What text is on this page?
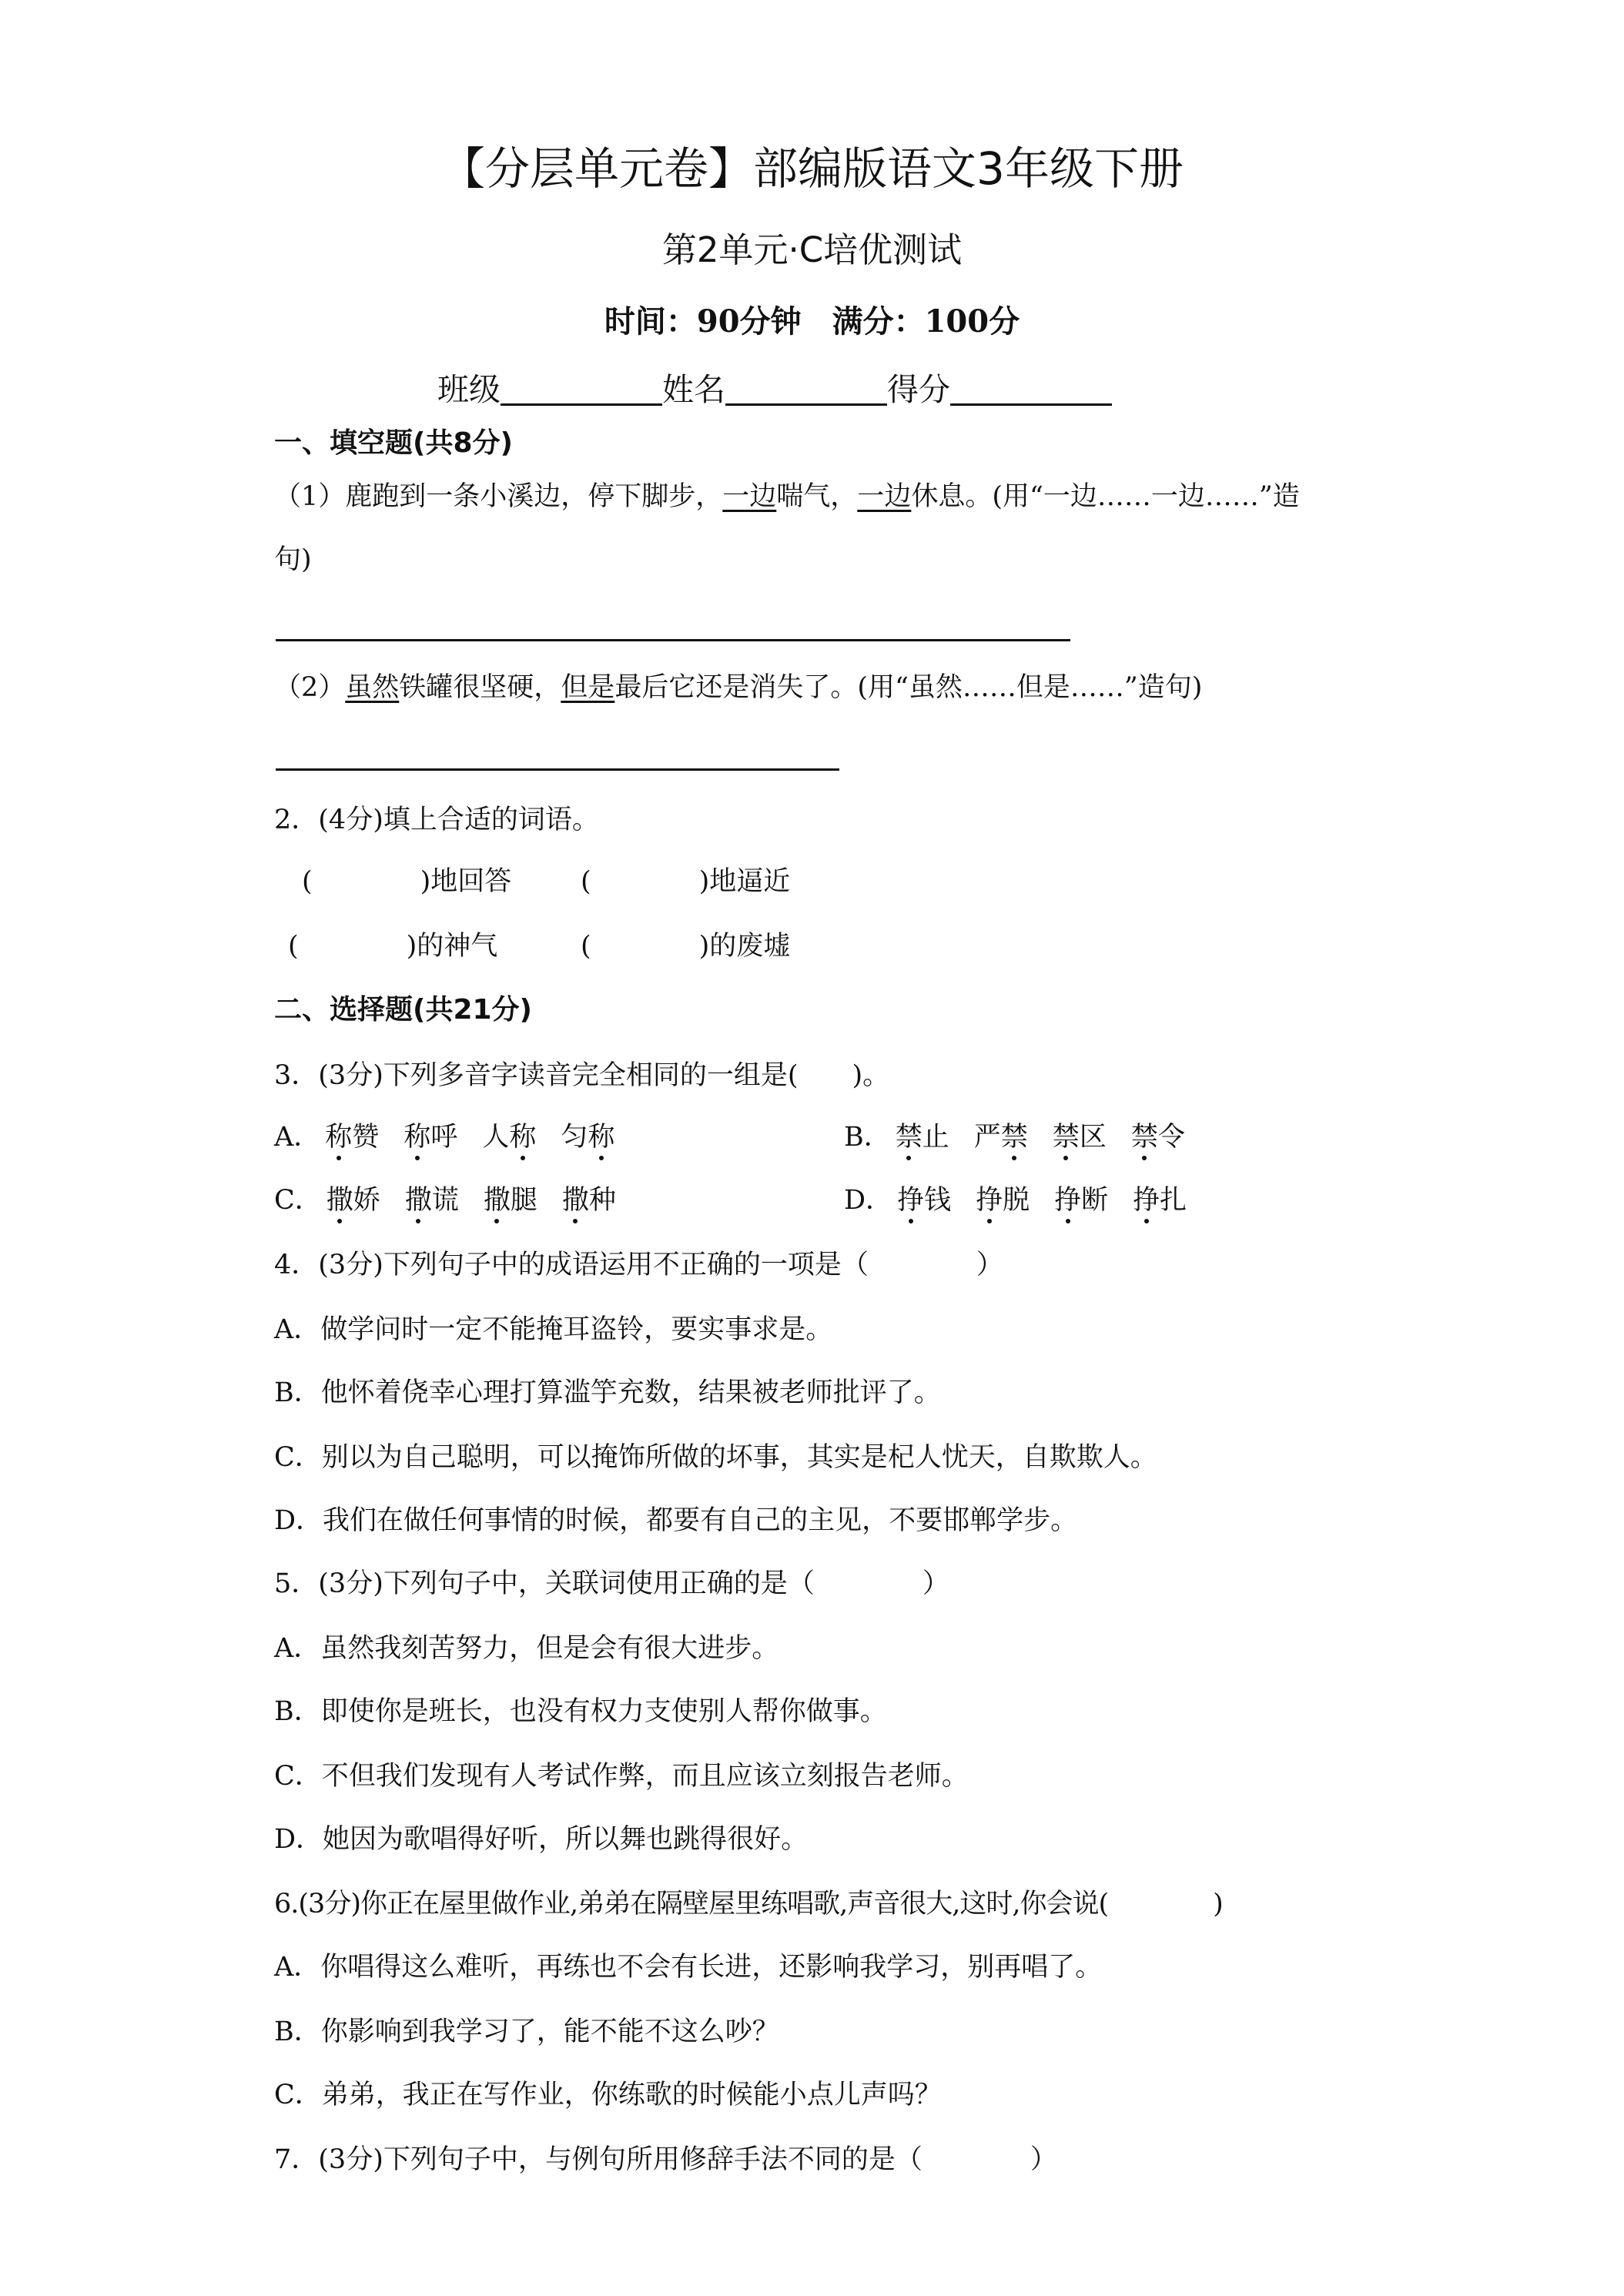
【分层单元卷】部编版语文3年级下册
第2单元·C培优测试
时间：90分钟　满分：100分
班级	姓名	得分
一、填空题(共8分)
（1）鹿跑到一条小溪边，停下脚步，一边喘气，一边休息。(用“一边……一边……”造
句)
（2）虽然铁罐很坚硬，但是最后它还是消失了。(用“虽然……但是……”造句)
2．(4分)填上合适的词语。
(　　　　)地回答	(　　　　)地逼近
(　　　　)的神气	(　　　　)的废墟
二、选择题(共21分)
3．(3分)下列多音字读音完全相同的一组是(　　)。
A． 称赞 称呼 人称 匀称	B． 禁止 严禁 禁区 禁令
C． 撒娇 撒谎 撒腿 撒种	D． 挣钱 挣脱 挣断 挣扎
4．(3分)下列句子中的成语运用不正确的一项是（　　　　）
A．做学问时一定不能掩耳盗铃，要实事求是。
B．他怀着侥幸心理打算滥竽充数，结果被老师批评了。
C．别以为自己聪明，可以掩饰所做的坏事，其实是杞人忧天，自欺欺人。
D．我们在做任何事情的时候，都要有自己的主见，不要邯郸学步。
5．(3分)下列句子中，关联词使用正确的是（　　　　）
A．虽然我刻苦努力，但是会有很大进步。
B．即使你是班长，也没有权力支使别人帮你做事。
C．不但我们发现有人考试作弊，而且应该立刻报告老师。
D．她因为歌唱得好听，所以舞也跳得很好。
6.(3分)你正在屋里做作业,弟弟在隔壁屋里练唱歌,声音很大,这时,你会说(　　　　)
A．你唱得这么难听，再练也不会有长进，还影响我学习，别再唱了。
B．你影响到我学习了，能不能不这么吵？
C．弟弟，我正在写作业，你练歌的时候能小点儿声吗？
7．(3分)下列句子中，与例句所用修辞手法不同的是（　　　　）
